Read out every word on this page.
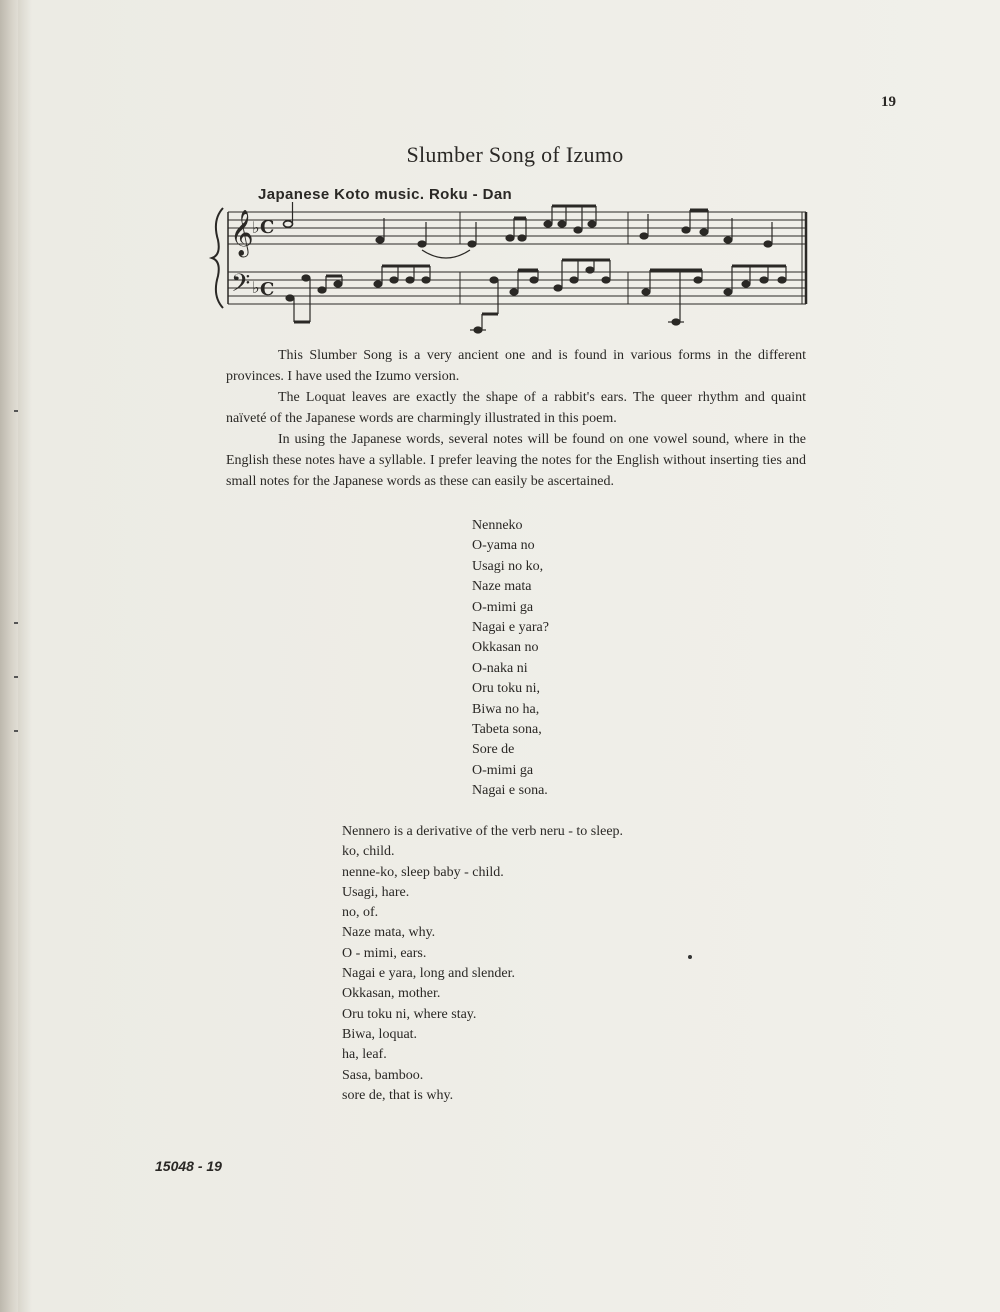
19
Slumber Song of Izumo
Japanese Koto music. Roku - Dan
𝄞
♭ C
𝄢 ♭ C

This Slumber Song is a very ancient one and is found in various forms in the different provinces. I have used the Izumo version.

The Loquat leaves are exactly the shape of a rabbit's ears. The queer rhythm and quaint naïveté of the Japanese words are charmingly illustrated in this poem.

In using the Japanese words, several notes will be found on one vowel sound, where in the English these notes have a syllable. I prefer leaving the notes for the English without inserting ties and small notes for the Japanese words as these can easily be ascertained.

Nenneko
O-yama no
Usagi no ko,
Naze mata
O-mimi ga
Nagai e yara?
Okkasan no
O-naka ni
Oru toku ni,
Biwa no ha,
Tabeta sona,
Sore de
O-mimi ga
Nagai e sona.
Nennero is a derivative of the verb neru - to sleep.
ko, child.
nenne-ko, sleep baby - child.
Usagi, hare.
no, of.
Naze mata, why.
O - mimi, ears.
Nagai e yara, long and slender.
Okkasan, mother.
Oru toku ni, where stay.
Biwa, loquat.
ha, leaf.
Sasa, bamboo.
sore de, that is why.
15048 - 19
